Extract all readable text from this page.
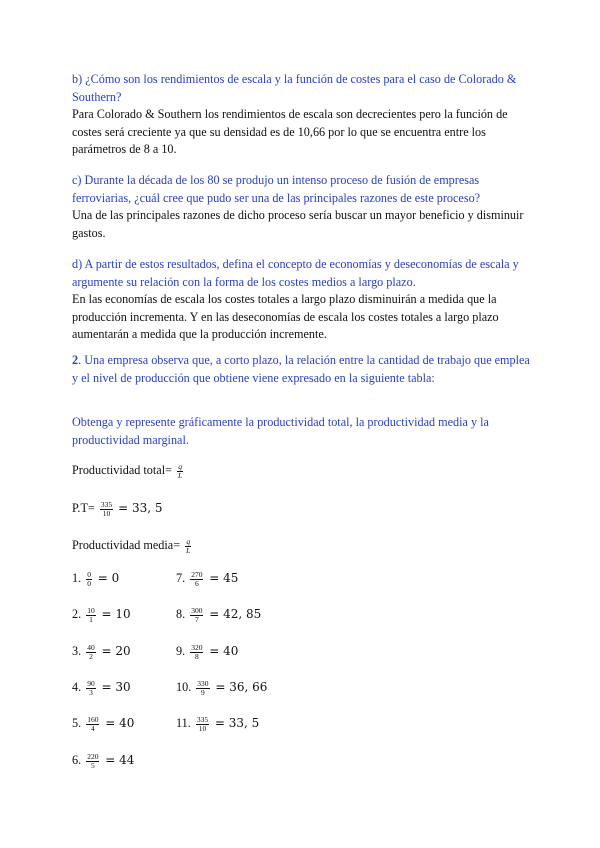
b) ¿Cómo son los rendimientos de escala y la función de costes para el caso de Colorado & Southern?
Para Colorado & Southern los rendimientos de escala son decrecientes pero la función de costes será creciente ya que su densidad es de 10,66 por lo que se encuentra entre los parámetros de 8 a 10.
c) Durante la década de los 80 se produjo un intenso proceso de fusión de empresas ferroviarias, ¿cuál cree que pudo ser una de las principales razones de este proceso?
Una de las principales razones de dicho proceso sería buscar un mayor beneficio y disminuir gastos.
d) A partir de estos resultados, defina el concepto de economías y deseconomías de escala y argumente su relación con la forma de los costes medios a largo plazo.
En las economías de escala los costes totales a largo plazo disminuirán a medida que la producción incrementa. Y en las deseconomías de escala los costes totales a largo plazo aumentarán a medida que la producción incremente.
2. Una empresa observa que, a corto plazo, la relación entre la cantidad de trabajo que emplea y el nivel de producción que obtiene viene expresado en la siguiente tabla:
Obtenga y represente gráficamente la productividad total, la productividad media y la productividad marginal.
Productividad total= $\frac{q}{L}$
$P.T= \frac{335}{10} = 33$, 5
Productividad media= $\frac{q}{L}$
1. $\frac{0}{0} = 0$
2. $\frac{10}{1} = 10$
3. $\frac{40}{2} = 20$
4. $\frac{90}{3} = 30$
5. $\frac{160}{4} = 40$
6. $\frac{220}{5} = 44$
7. $\frac{270}{6} = 45$
8. $\frac{300}{7} = 42$, 85
9. $\frac{320}{8} = 40$
10. $\frac{330}{9} = 36$, 66
11. $\frac{335}{10} = 33$, 5
